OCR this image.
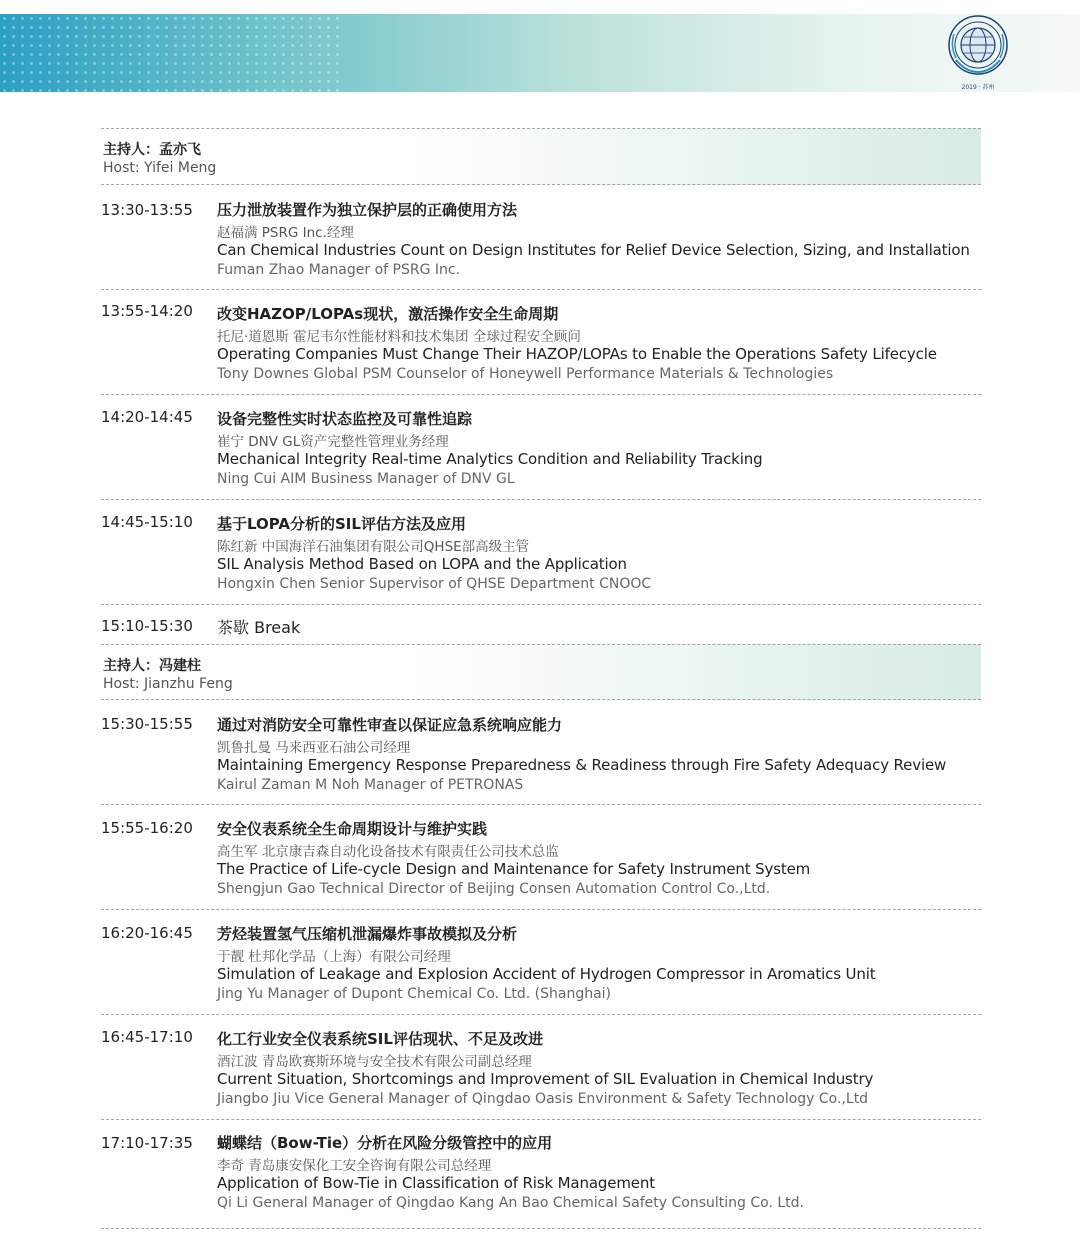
2019 · 苏州
主持人：孟亦飞
Host: Yifei Meng
13:30-13:55 压力泄放装置作为独立保护层的正确使用方法
赵福满 PSRG Inc.经理
Can Chemical Industries Count on Design Institutes for Relief Device Selection, Sizing, and Installation
Fuman Zhao Manager of PSRG Inc.
13:55-14:20 改变HAZOP/LOPAs现状，激活操作安全生命周期
托尼·道恩斯 霍尼韦尔性能材料和技术集团 全球过程安全顾问
Operating Companies Must Change Their HAZOP/LOPAs to Enable the Operations Safety Lifecycle
Tony Downes Global PSM Counselor of Honeywell Performance Materials & Technologies
14:20-14:45 设备完整性实时状态监控及可靠性追踪
崔宁 DNV GL资产完整性管理业务经理
Mechanical Integrity Real-time Analytics Condition and Reliability Tracking
Ning Cui AIM Business Manager of DNV GL
14:45-15:10 基于LOPA分析的SIL评估方法及应用
陈红新 中国海洋石油集团有限公司QHSE部高级主管
SIL Analysis Method Based on LOPA and the Application
Hongxin Chen Senior Supervisor of QHSE Department CNOOC
15:10-15:30 茶歇 Break
主持人：冯建柱
Host: Jianzhu Feng
15:30-15:55 通过对消防安全可靠性审查以保证应急系统响应能力
凯鲁扎曼 马来西亚石油公司经理
Maintaining Emergency Response Preparedness & Readiness through Fire Safety Adequacy Review
Kairul Zaman M Noh Manager of PETRONAS
15:55-16:20 安全仪表系统全生命周期设计与维护实践
高生军 北京康吉森自动化设备技术有限责任公司技术总监
The Practice of Life-cycle Design and Maintenance for Safety Instrument System
Shengjun Gao Technical Director of Beijing Consen Automation Control Co.,Ltd.
16:20-16:45 芳烃装置氢气压缩机泄漏爆炸事故模拟及分析
于靓 杜邦化学品（上海）有限公司经理
Simulation of Leakage and Explosion Accident of Hydrogen Compressor in Aromatics Unit
Jing Yu Manager of Dupont Chemical Co. Ltd. (Shanghai)
16:45-17:10 化工行业安全仪表系统SIL评估现状、不足及改进
酒江波 青岛欧赛斯环境与安全技术有限公司副总经理
Current Situation, Shortcomings and Improvement of SIL Evaluation in Chemical Industry
Jiangbo Jiu Vice General Manager of Qingdao Oasis Environment & Safety Technology Co.,Ltd
17:10-17:35 蝴蝶结（Bow-Tie）分析在风险分级管控中的应用
李奇 青岛康安保化工安全咨询有限公司总经理
Application of Bow-Tie in Classification of Risk Management
Qi Li General Manager of Qingdao Kang An Bao Chemical Safety Consulting Co. Ltd.
